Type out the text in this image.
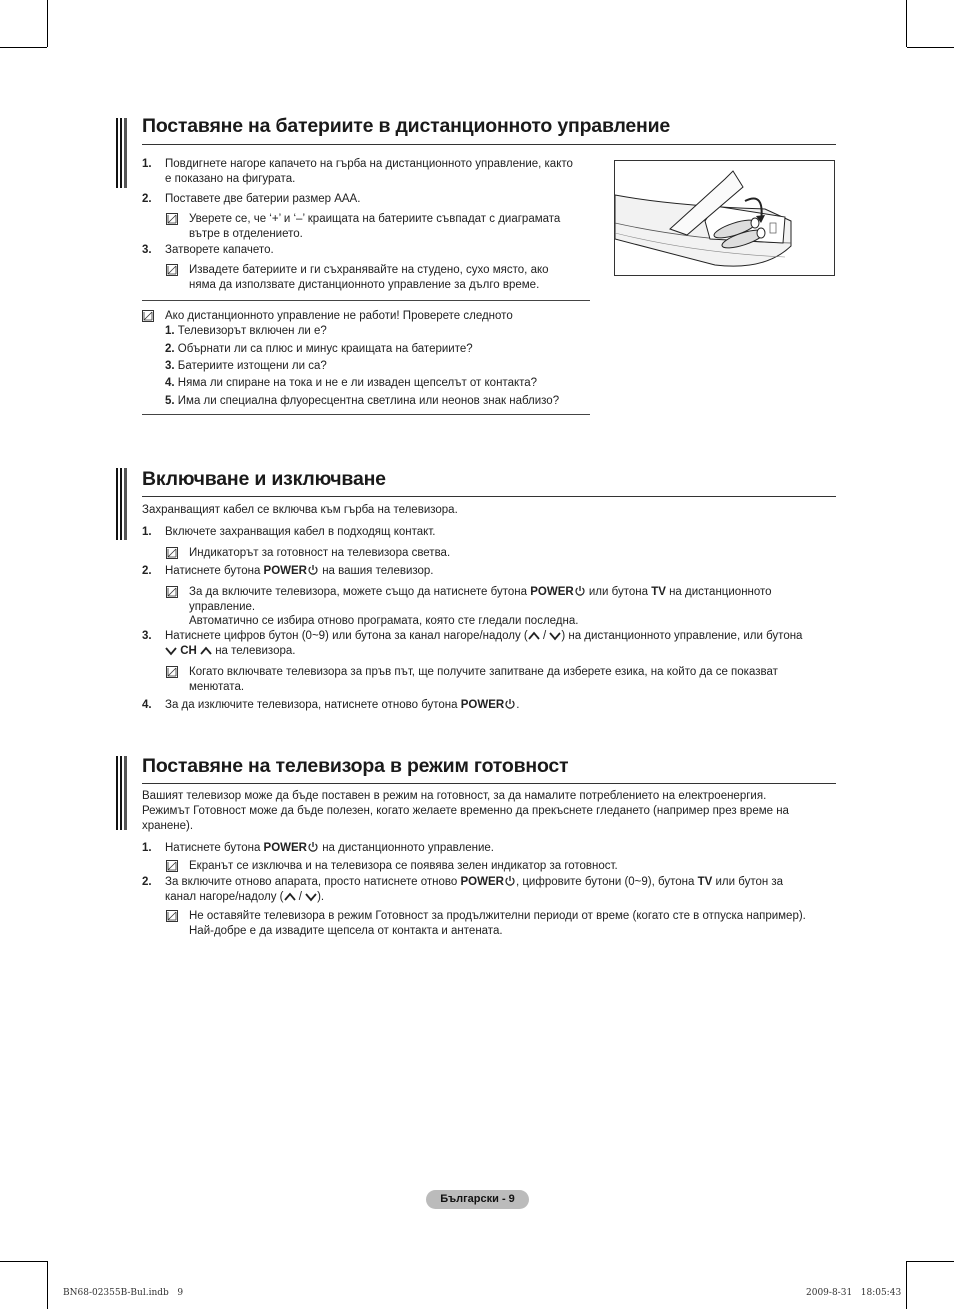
Поставяне на батериите в дистанционното управление
1. Повдигнете нагоре капачето на гърба на дистанционното управление, както
е показано на фигурата.
2. Поставете две батерии размер AAA.
Уверете се, че ‘+’ и ‘–’ краищата на батериите съвпадат с диаграмата
вътре в отделението.
3. Затворете капачето.
Извадете батериите и ги съхранявайте на студено, сухо място, ако
няма да използвате дистанционното управление за дълго време.
Ако дистанционното управление не работи! Проверете следното
1. Телевизорът включен ли е?
2. Обърнати ли са плюс и минус краищата на батериите?
3. Батериите изтощени ли са?
4. Няма ли спиране на тока и не е ли изваден щепселът от контакта?
5. Има ли специална флуоресцентна светлина или неонов знак наблизо?
Включване и изключване
Захранващият кабел се включва към гърба на телевизора.
1. Включете захранващия кабел в подходящ контакт.
Индикаторът за готовност на телевизора светва.
2. Натиснете бутона POWER на вашия телевизор.
За да включите телевизора, можете също да натиснете бутона POWER или бутона TV на дистанционното
управление.
Автоматично се избира отново програмата, която сте гледали последна.
3. Натиснете цифров бутон (0~9) или бутона за канал нагоре/надолу ( / ) на дистанционното управление, или бутона
CH  на телевизора.
Когато включвате телевизора за пръв път, ще получите запитване да изберете езика, на който да се показват
менютата.
4. За да изключите телевизора, натиснете отново бутона POWER .
Поставяне на телевизора в режим готовност
Вашият телевизор може да бъде поставен в режим на готовност, за да намалите потреблението на електроенергия.
Режимът Готовност може да бъде полезен, когато желаете временно да прекъснете гледането (например през време на
хранене).
1. Натиснете бутона POWER на дистанционното управление.
Екранът се изключва и на телевизора се появява зелен индикатор за готовност.
2. За включите отново апарата, просто натиснете отново POWER , цифровите бутони (0~9), бутона TV или бутон за
канал нагоре/надолу ( / ).
Не оставяйте телевизора в режим Готовност за продължителни периоди от време (когато сте в отпуска например).
Най-добре е да извадите щепсела от контакта и антената.
Български - 9
BN68-02355B-Bul.indb   9	2009-8-31   18:05:43
